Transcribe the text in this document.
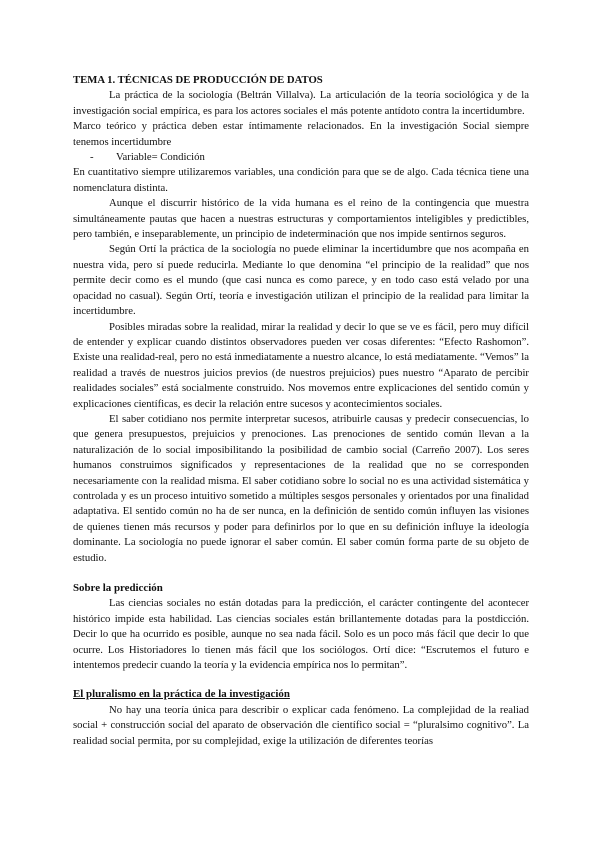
TEMA 1. TÉCNICAS DE PRODUCCIÓN DE DATOS

La práctica de la sociología (Beltrán Villalva). La articulación de la teoría sociológica y de la investigación social empírica, es para los actores sociales el más potente antídoto contra la incertidumbre.

Marco teórico y práctica deben estar íntimamente relacionados. En la investigación Social siempre tenemos incertidumbre

-	Variable= Condición

En cuantitativo siempre utilizaremos variables, una condición para que se de algo. Cada técnica tiene una nomenclatura distinta.

Aunque el discurrir histórico de la vida humana es el reino de la contingencia que muestra simultáneamente pautas que hacen a nuestras estructuras y comportamientos inteligibles y predictibles, pero también, e inseparablemente, un principio de indeterminación que nos impide sentirnos seguros.

Según Ortí la práctica de la sociología no puede eliminar la incertidumbre que nos acompaña en nuestra vida, pero sí puede reducirla. Mediante lo que denomina “el principio de la realidad” que nos permite decir como es el mundo (que casi nunca es como parece, y en todo caso está velado por una opacidad no casual). Según Ortí, teoría e investigación utilizan el principio de la realidad para limitar la incertidumbre.

Posibles miradas sobre la realidad, mirar la realidad y decir lo que se ve es fácil, pero muy difícil de entender y explicar cuando distintos observadores pueden ver cosas diferentes: “Efecto Rashomon”. Existe una realidad-real, pero no está inmediatamente a nuestro alcance, lo está mediatamente. “Vemos” la realidad a través de nuestros juicios previos (de nuestros prejuicios) pues nuestro “Aparato de percibir realidades sociales” está socialmente construido. Nos movemos entre explicaciones del sentido común y explicaciones científicas, es decir la relación entre sucesos y acontecimientos sociales.

El saber cotidiano nos permite interpretar sucesos, atribuirle causas y predecir consecuencias, lo que genera presupuestos, prejuicios y prenociones. Las prenociones de sentido común llevan a la naturalización de lo social imposibilitando la posibilidad de cambio social (Carreño 2007). Los seres humanos construimos significados y representaciones de la realidad que no se corresponden necesariamente con la realidad misma. El saber cotidiano sobre lo social no es una actividad sistemática y controlada y es un proceso intuitivo sometido a múltiples sesgos personales y orientados por una finalidad adaptativa. El sentido común no ha de ser nunca, en la definición de sentido común influyen las visiones de quienes tienen más recursos y poder para definirlos por lo que en su definición influye la ideología dominante. La sociología no puede ignorar el saber común. El saber común forma parte de su objeto de estudio.

Sobre la predicción

Las ciencias sociales no están dotadas para la predicción, el carácter contingente del acontecer histórico impide esta habilidad. Las ciencias sociales están brillantemente dotadas para la postdicción. Decir lo que ha ocurrido es posible, aunque no sea nada fácil. Solo es un poco más fácil que decir lo que ocurre. Los Historiadores lo tienen más fácil que los sociólogos. Ortí dice: “Escrutemos el futuro e intentemos predecir cuando la teoría y la evidencia empírica nos lo permitan”.

El pluralismo en la práctica de la investigación

No hay una teoría única para describir o explicar cada fenómeno. La complejidad de la realiad social + construcción social del aparato de observación dle científico social = “pluralsimo cognitivo”. La realidad social permita, por su complejidad, exige la utilización de diferentes teorías
